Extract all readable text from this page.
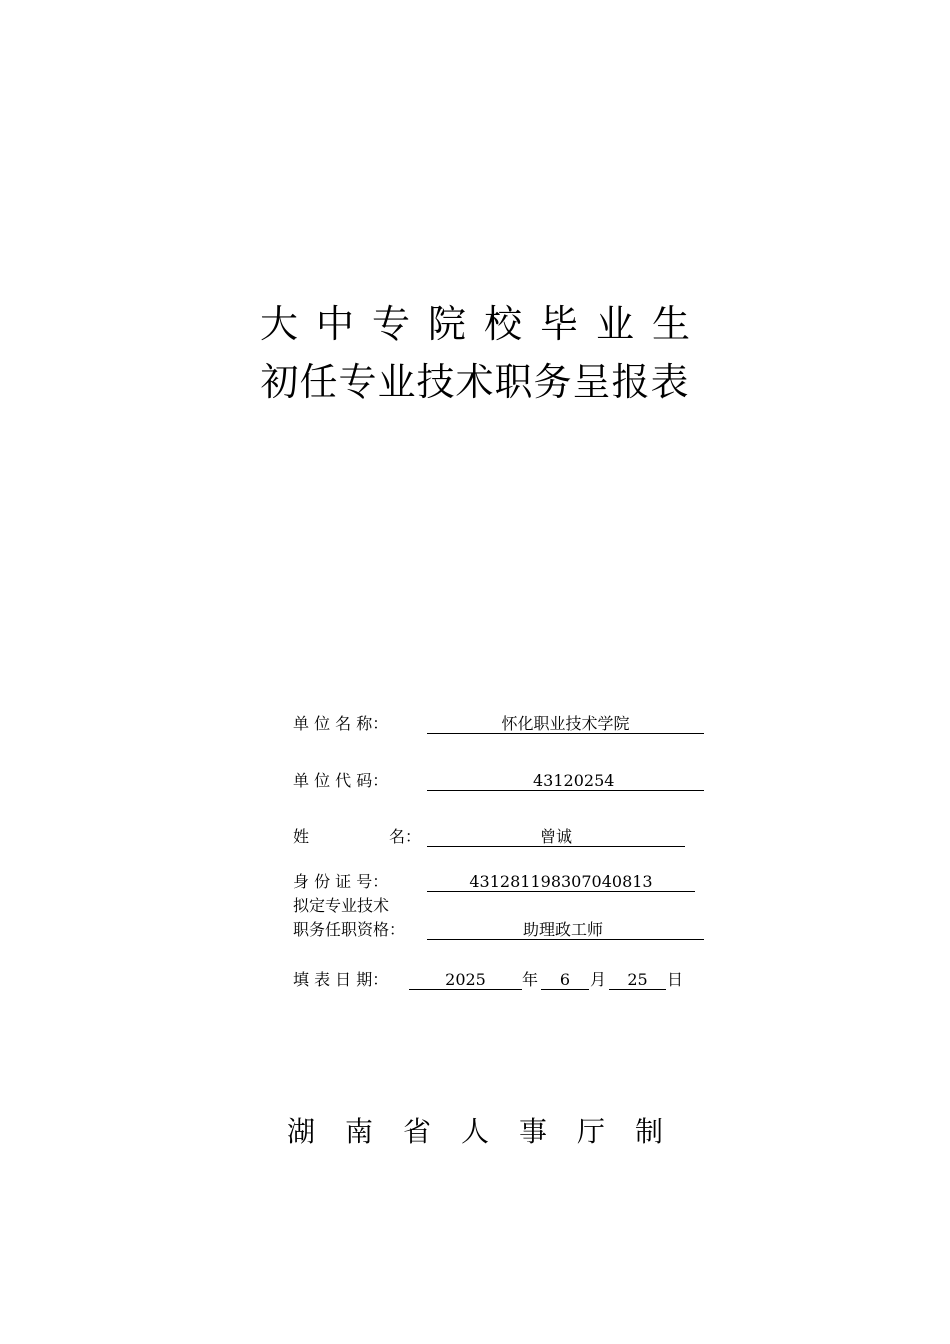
大中专院校毕业生
初任专业技术职务呈报表
单 位 名 称：	怀化职业技术学院
单 位 代 码：	43120254
姓	名：	曾诚
身 份 证 号：	431281198307040813
拟定专业技术
职务任职资格：	助理政工师
填 表 日 期：	2025	年	6	月	25	日
湖南省人事厅制
